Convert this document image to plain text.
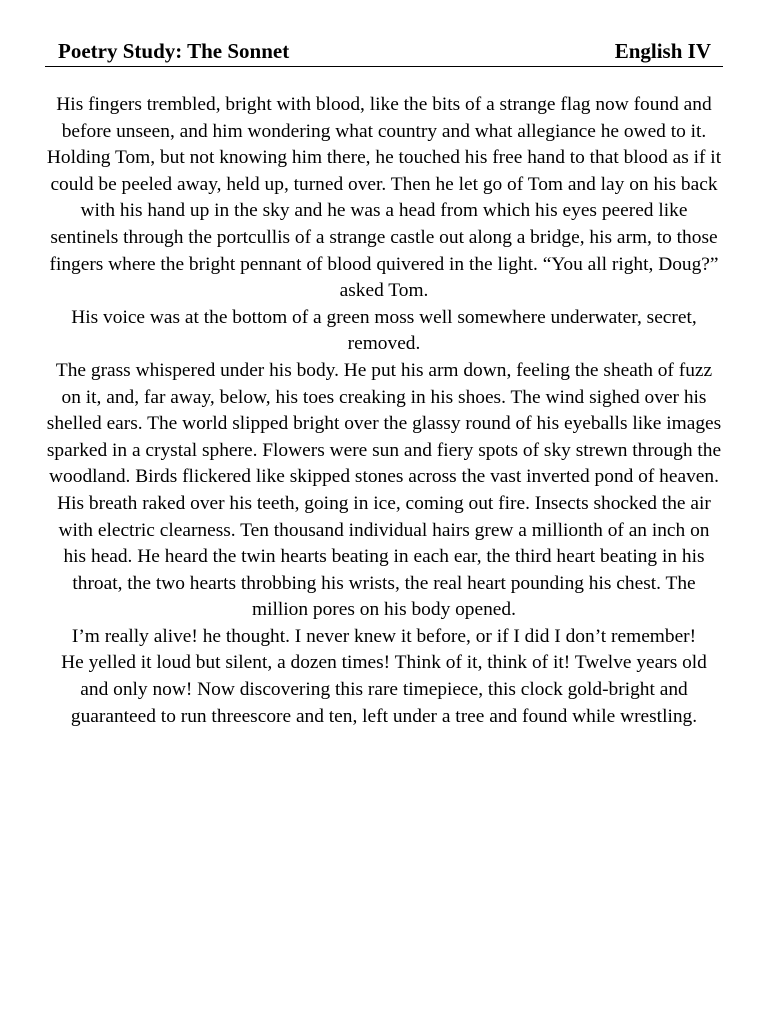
Poetry Study: The Sonnet	English IV

His fingers trembled, bright with blood, like the bits of a strange flag now found and before unseen, and him wondering what country and what allegiance he owed to it. Holding Tom, but not knowing him there, he touched his free hand to that blood as if it could be peeled away, held up, turned over. Then he let go of Tom and lay on his back with his hand up in the sky and he was a head from which his eyes peered like sentinels through the portcullis of a strange castle out along a bridge, his arm, to those fingers where the bright pennant of blood quivered in the light. “You all right, Doug?” asked Tom.

His voice was at the bottom of a green moss well somewhere underwater, secret, removed.

The grass whispered under his body. He put his arm down, feeling the sheath of fuzz on it, and, far away, below, his toes creaking in his shoes. The wind sighed over his shelled ears. The world slipped bright over the glassy round of his eyeballs like images sparked in a crystal sphere. Flowers were sun and fiery spots of sky strewn through the woodland. Birds flickered like skipped stones across the vast inverted pond of heaven.

His breath raked over his teeth, going in ice, coming out fire. Insects shocked the air with electric clearness. Ten thousand individual hairs grew a millionth of an inch on his head. He heard the twin hearts beating in each ear, the third heart beating in his throat, the two hearts throbbing his wrists, the real heart pounding his chest. The million pores on his body opened.

I’m really alive! he thought. I never knew it before, or if I did I don’t remember!

He yelled it loud but silent, a dozen times! Think of it, think of it! Twelve years old and only now! Now discovering this rare timepiece, this clock gold-bright and guaranteed to run threescore and ten, left under a tree and found while wrestling.
